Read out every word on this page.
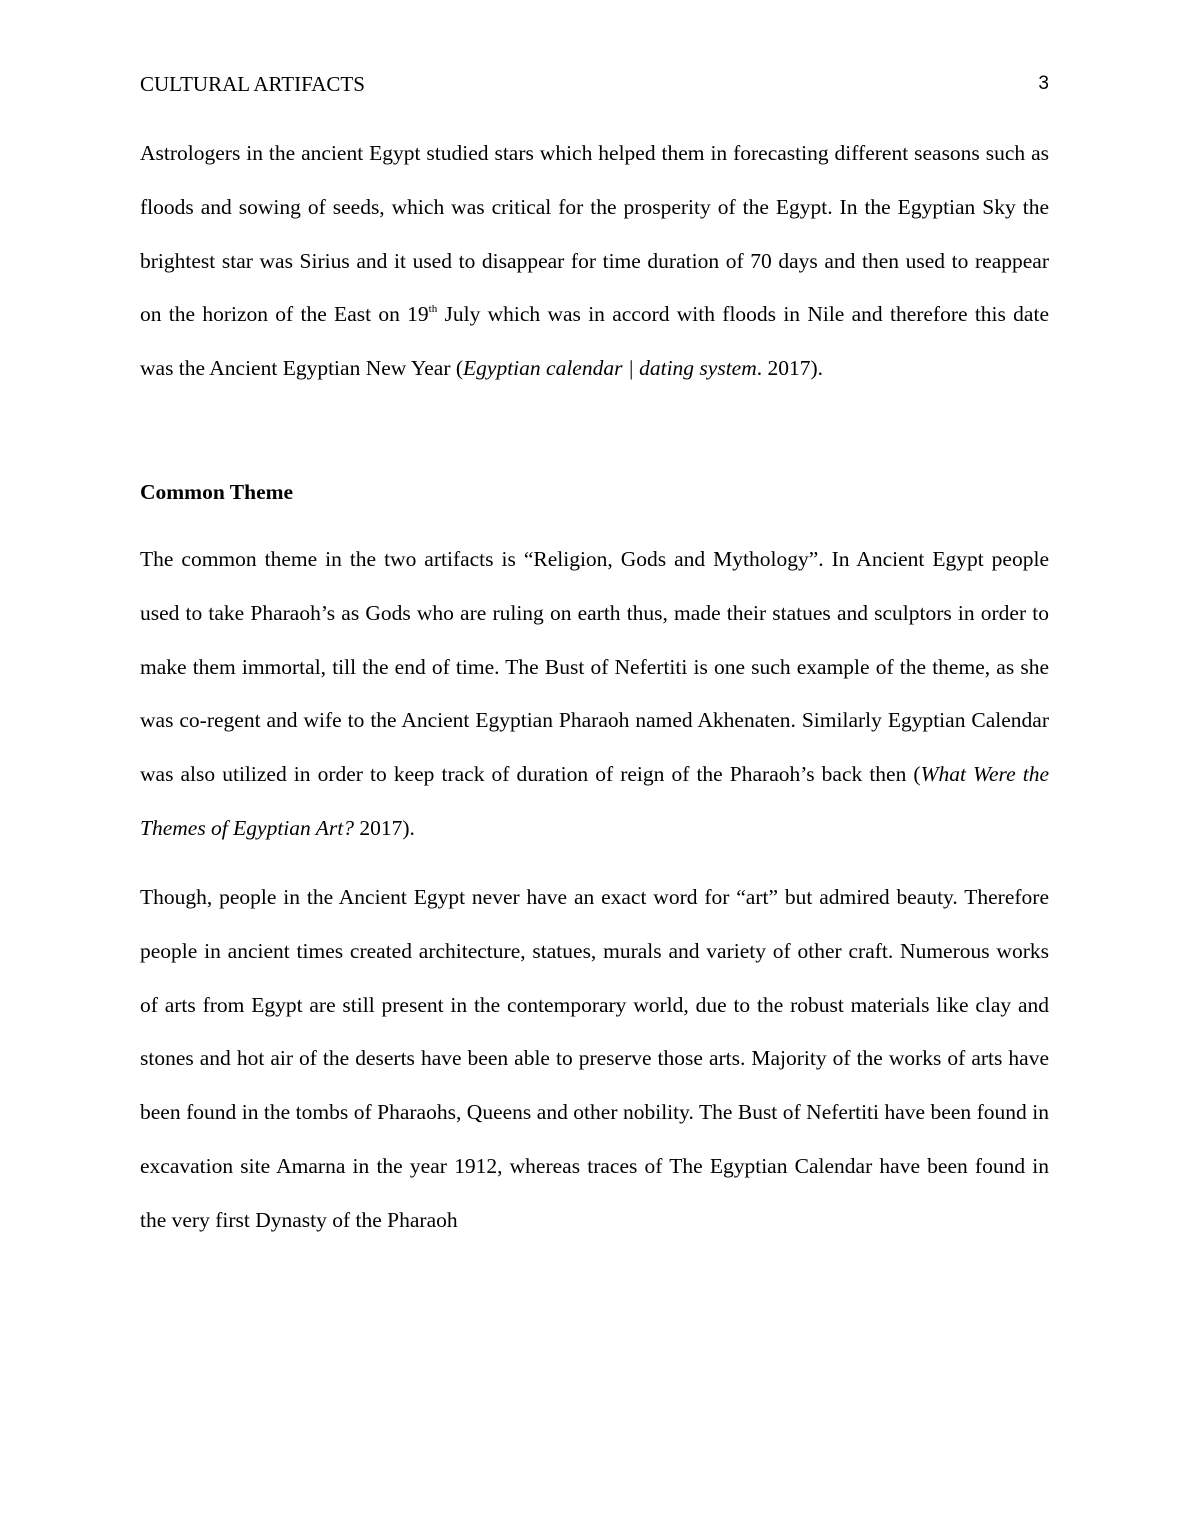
CULTURAL ARTIFACTS	3

Astrologers in the ancient Egypt studied stars which helped them in forecasting different seasons such as floods and sowing of seeds, which was critical for the prosperity of the Egypt. In the Egyptian Sky the brightest star was Sirius and it used to disappear for time duration of 70 days and then used to reappear on the horizon of the East on 19th July which was in accord with floods in Nile and therefore this date was the Ancient Egyptian New Year (Egyptian calendar | dating system. 2017).

Common Theme

The common theme in the two artifacts is “Religion, Gods and Mythology”. In Ancient Egypt people used to take Pharaoh’s as Gods who are ruling on earth thus, made their statues and sculptors in order to make them immortal, till the end of time. The Bust of Nefertiti is one such example of the theme, as she was co-regent and wife to the Ancient Egyptian Pharaoh named Akhenaten. Similarly Egyptian Calendar was also utilized in order to keep track of duration of reign of the Pharaoh’s back then (What Were the Themes of Egyptian Art? 2017).

Though, people in the Ancient Egypt never have an exact word for “art” but admired beauty. Therefore people in ancient times created architecture, statues, murals and variety of other craft. Numerous works of arts from Egypt are still present in the contemporary world, due to the robust materials like clay and stones and hot air of the deserts have been able to preserve those arts. Majority of the works of arts have been found in the tombs of Pharaohs, Queens and other nobility. The Bust of Nefertiti have been found in excavation site Amarna in the year 1912, whereas traces of The Egyptian Calendar have been found in the very first Dynasty of the Pharaoh
